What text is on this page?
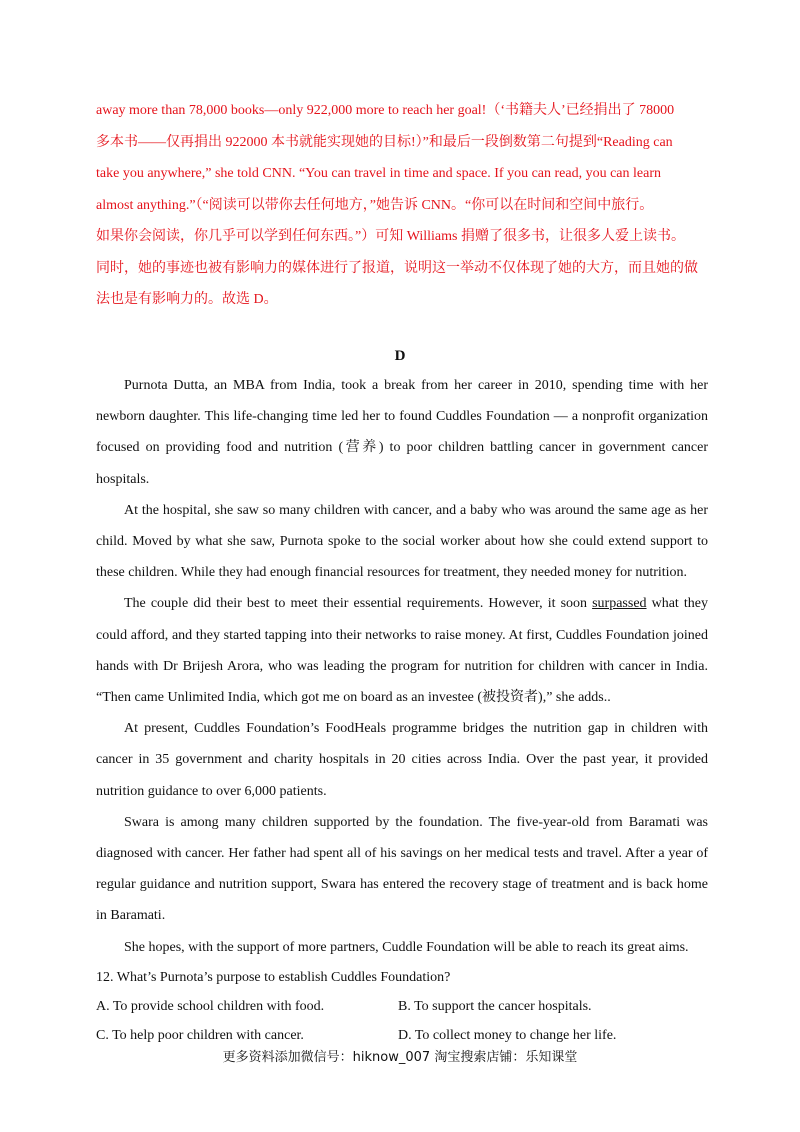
away more than 78,000 books—only 922,000 more to reach her goal!（‘书籍夫人’已经捐出了 78000
多本书——仅再捐出 922000 本书就能实现她的目标!）”和最后一段倒数第二句提到“Reading can
take you anywhere,” she told CNN. “You can travel in time and space. If you can read, you can learn
almost anything.”（“阅读可以带你去任何地方，”她告诉 CNN。“你可以在时间和空间中旅行。
如果你会阅读，你几乎可以学到任何东西。”）可知 Williams 捐赠了很多书，让很多人爱上读书。
同时，她的事迹也被有影响力的媒体进行了报道，说明这一举动不仅体现了她的大方，而且她的做
法也是有影响力的。故选 D。
D

Purnota Dutta, an MBA from India, took a break from her career in 2010, spending time with her newborn daughter. This life-changing time led her to found Cuddles Foundation — a nonprofit organization focused on providing food and nutrition (营养) to poor children battling cancer in government cancer hospitals.

At the hospital, she saw so many children with cancer, and a baby who was around the same age as her child. Moved by what she saw, Purnota spoke to the social worker about how she could extend support to these children. While they had enough financial resources for treatment, they needed money for nutrition.

The couple did their best to meet their essential requirements. However, it soon surpassed what they could afford, and they started tapping into their networks to raise money. At first, Cuddles Foundation joined hands with Dr Brijesh Arora, who was leading the program for nutrition for children with cancer in India. “Then came Unlimited India, which got me on board as an investee (被投资者),” she adds..

At present, Cuddles Foundation’s FoodHeals programme bridges the nutrition gap in children with cancer in 35 government and charity hospitals in 20 cities across India. Over the past year, it provided nutrition guidance to over 6,000 patients.

Swara is among many children supported by the foundation. The five-year-old from Baramati was diagnosed with cancer. Her father had spent all of his savings on her medical tests and travel. After a year of regular guidance and nutrition support, Swara has entered the recovery stage of treatment and is back home in Baramati.

She hopes, with the support of more partners, Cuddle Foundation will be able to reach its great aims.

12. What’s Purnota’s purpose to establish Cuddles Foundation?

A. To provide school children with food.	B. To support the cancer hospitals.
C. To help poor children with cancer.	D. To collect money to change her life.
更多资料添加微信号：hiknow_007 淘宝搜索店铺：乐知课堂
